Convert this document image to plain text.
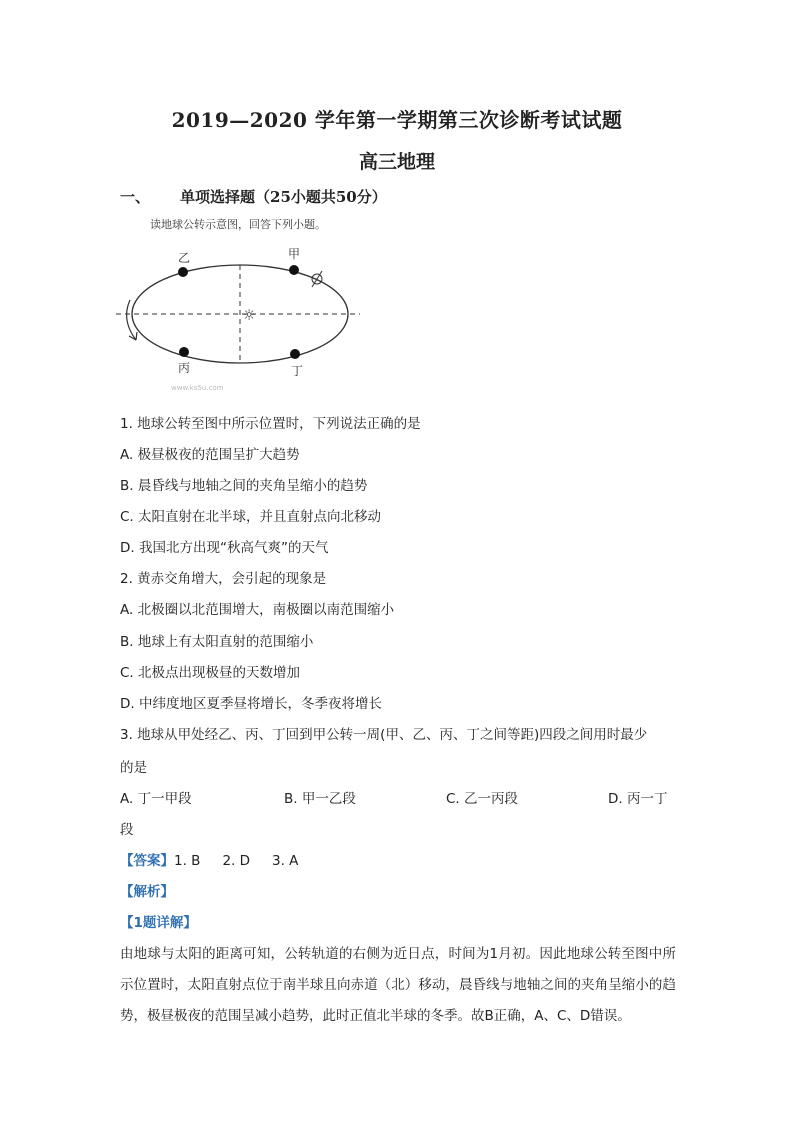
2019—2020 学年第一学期第三次诊断考试试题
高三地理
一、 单项选择题（25小题共50分）
读地球公转示意图，回答下列小题。
☼
乙	甲
丙	丁
www.ks5u.com
1. 地球公转至图中所示位置时，下列说法正确的是
A. 极昼极夜的范围呈扩大趋势
B. 晨昏线与地轴之间的夹角呈缩小的趋势
C. 太阳直射在北半球，并且直射点向北移动
D. 我国北方出现“秋高气爽”的天气
2. 黄赤交角增大，会引起的现象是
A. 北极圈以北范围增大，南极圈以南范围缩小
B. 地球上有太阳直射的范围缩小
C. 北极点出现极昼的天数增加
D. 中纬度地区夏季昼将增长，冬季夜将增长
3. 地球从甲处经乙、丙、丁回到甲公转一周(甲、乙、丙、丁之间等距)四段之间用时最少
的是
A. 丁一甲段	B. 甲一乙段	C. 乙一丙段	D. 丙一丁
段
【答案】1. B 2. D 3. A
【解析】
【1题详解】
由地球与太阳的距离可知，公转轨道的右侧为近日点，时间为1月初。因此地球公转至图中所示位置时，太阳直射点位于南半球且向赤道（北）移动，晨昏线与地轴之间的夹角呈缩小的趋势，极昼极夜的范围呈减小趋势，此时正值北半球的冬季。故B正确，A、C、D错误。
